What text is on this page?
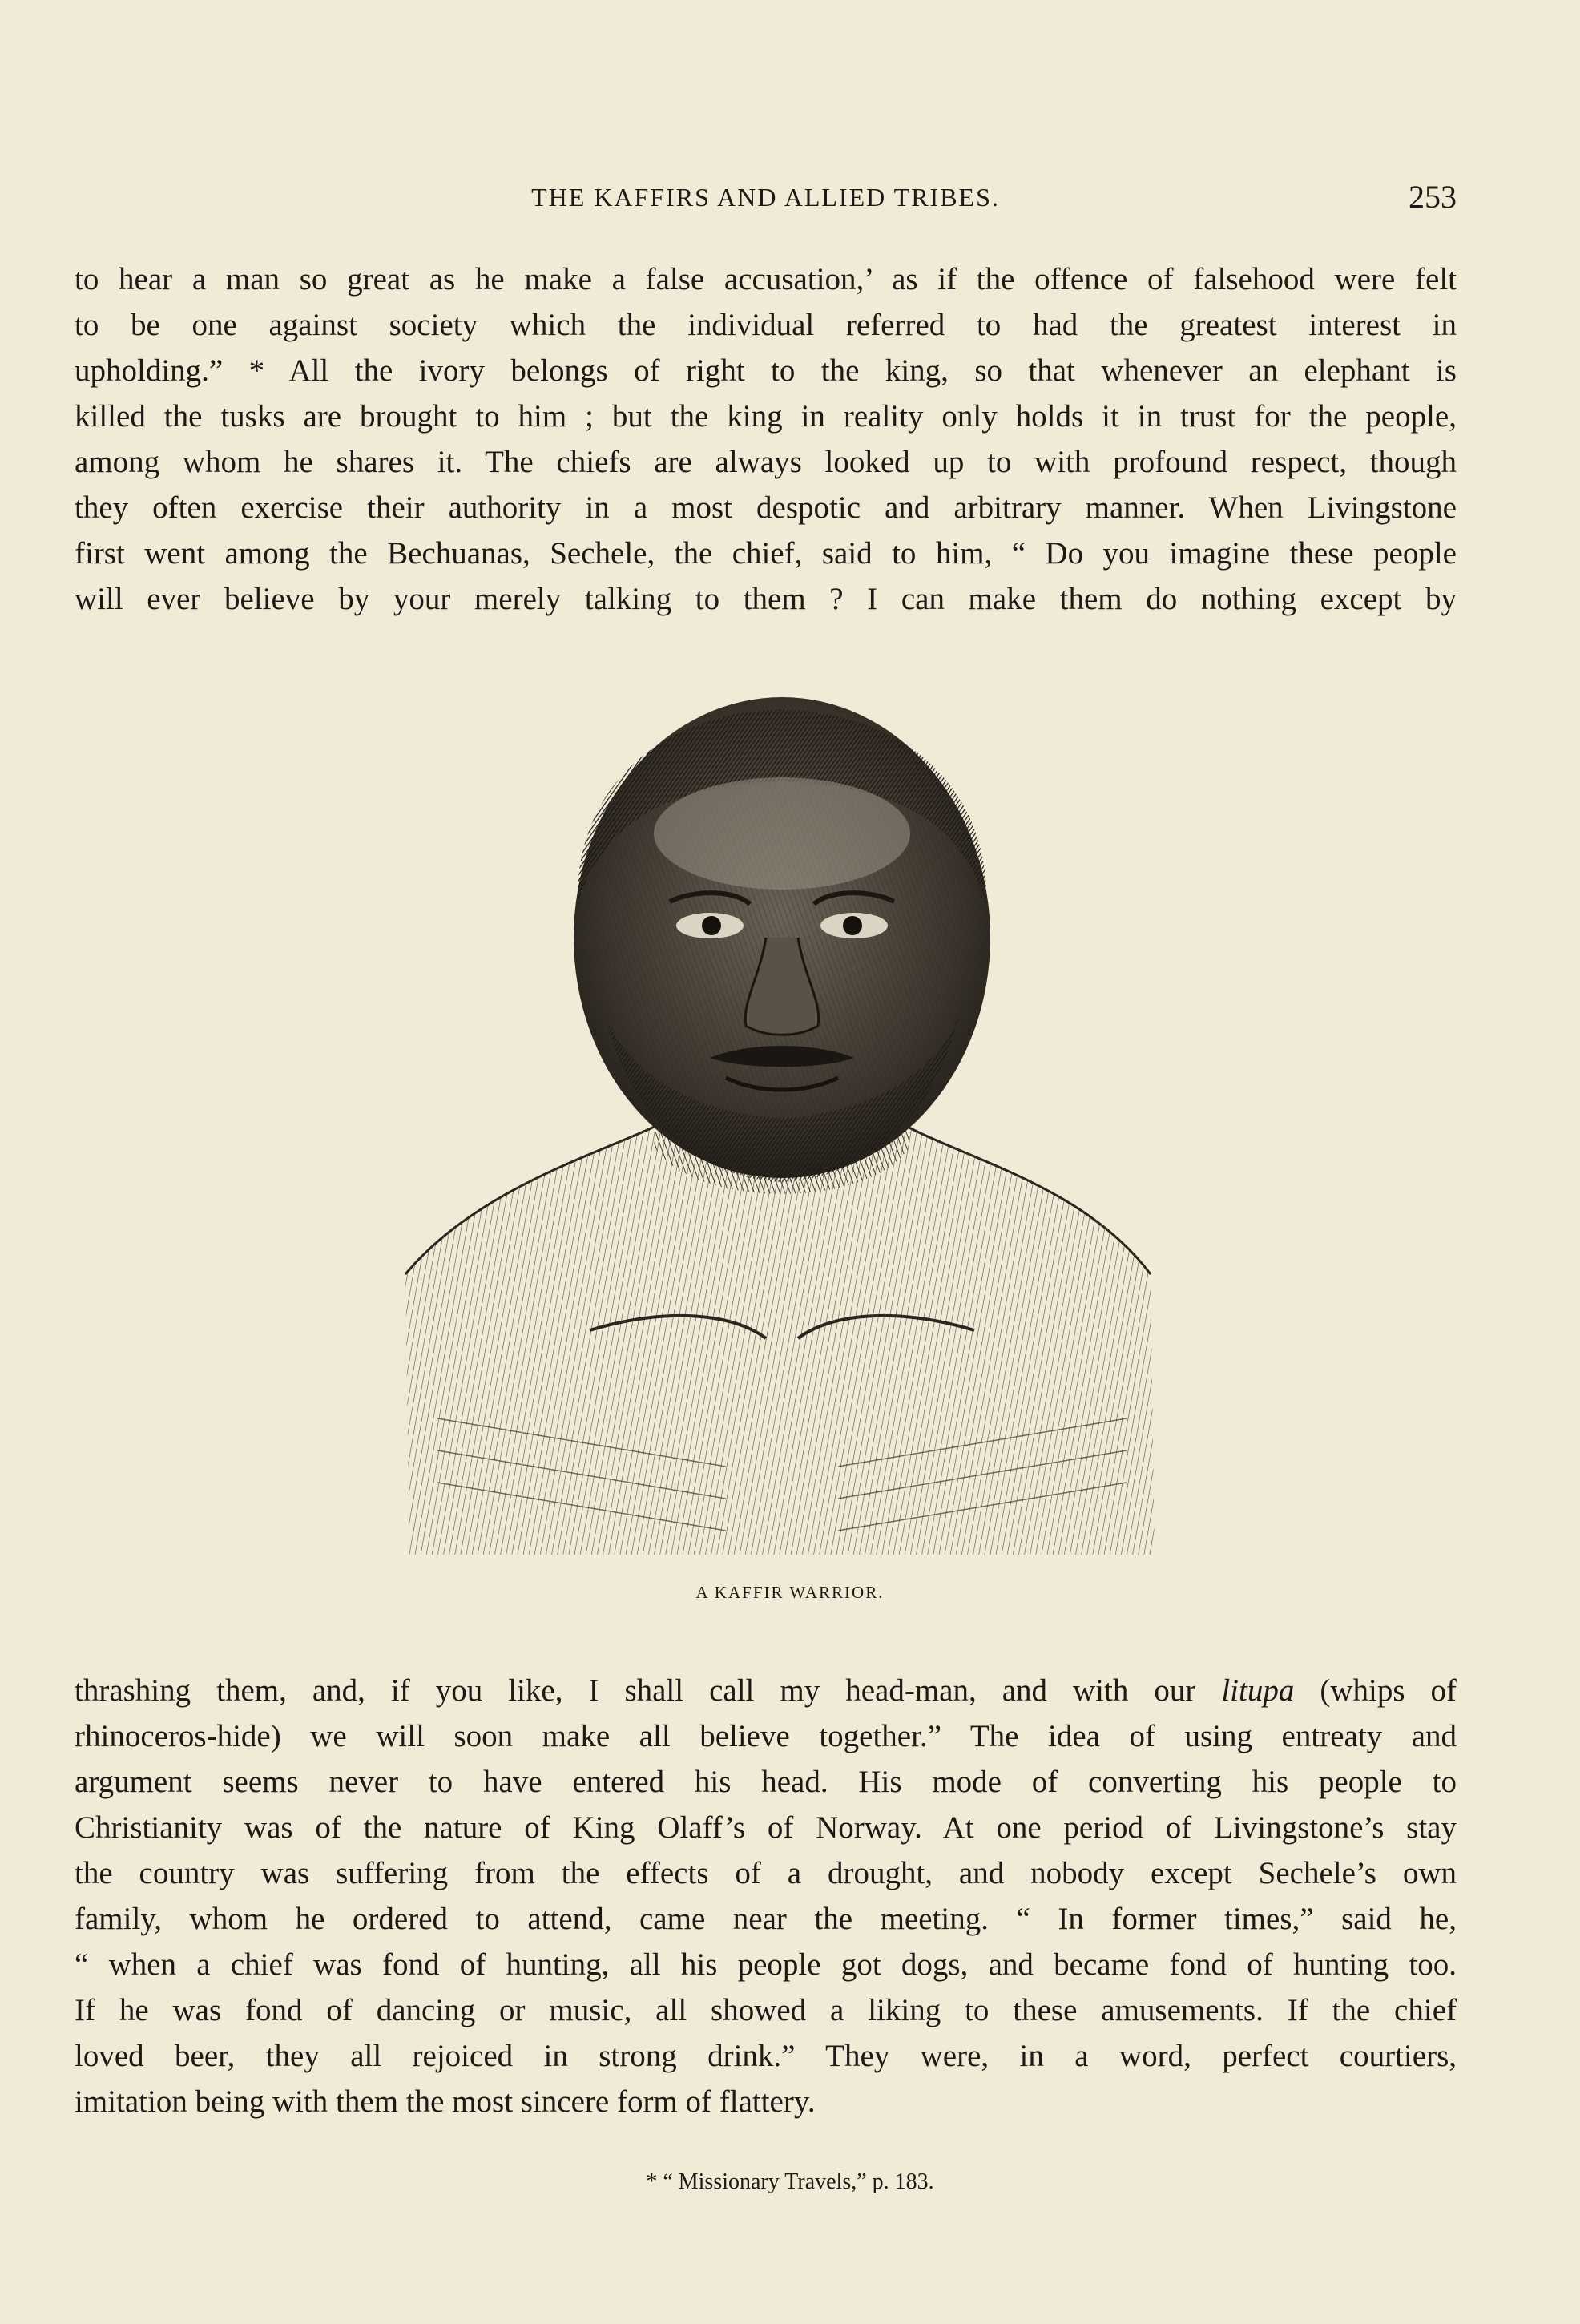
THE KAFFIRS AND ALLIED TRIBES.	253
to hear a man so great as he make a false accusation,’ as if the offence of falsehood were felt
to be one against society which the individual referred to had the greatest interest in
upholding.” * All the ivory belongs of right to the king, so that whenever an elephant is
killed the tusks are brought to him ; but the king in reality only holds it in trust for the people,
among whom he shares it. The chiefs are always looked up to with profound respect, though
they often exercise their authority in a most despotic and arbitrary manner. When Livingstone
first went among the Bechuanas, Sechele, the chief, said to him, “ Do you imagine these people
will ever believe by your merely talking to them ? I can make them do nothing except by
A KAFFIR WARRIOR.
thrashing them, and, if you like, I shall call my head-man, and with our litupa (whips of
rhinoceros-hide) we will soon make all believe together.” The idea of using entreaty and
argument seems never to have entered his head. His mode of converting his people to
Christianity was of the nature of King Olaff’s of Norway. At one period of Livingstone’s stay
the country was suffering from the effects of a drought, and nobody except Sechele’s own
family, whom he ordered to attend, came near the meeting. “ In former times,” said he,
“ when a chief was fond of hunting, all his people got dogs, and became fond of hunting too.
If he was fond of dancing or music, all showed a liking to these amusements. If the chief
loved beer, they all rejoiced in strong drink.” They were, in a word, perfect courtiers,
imitation being with them the most sincere form of flattery.
* “ Missionary Travels,” p. 183.
